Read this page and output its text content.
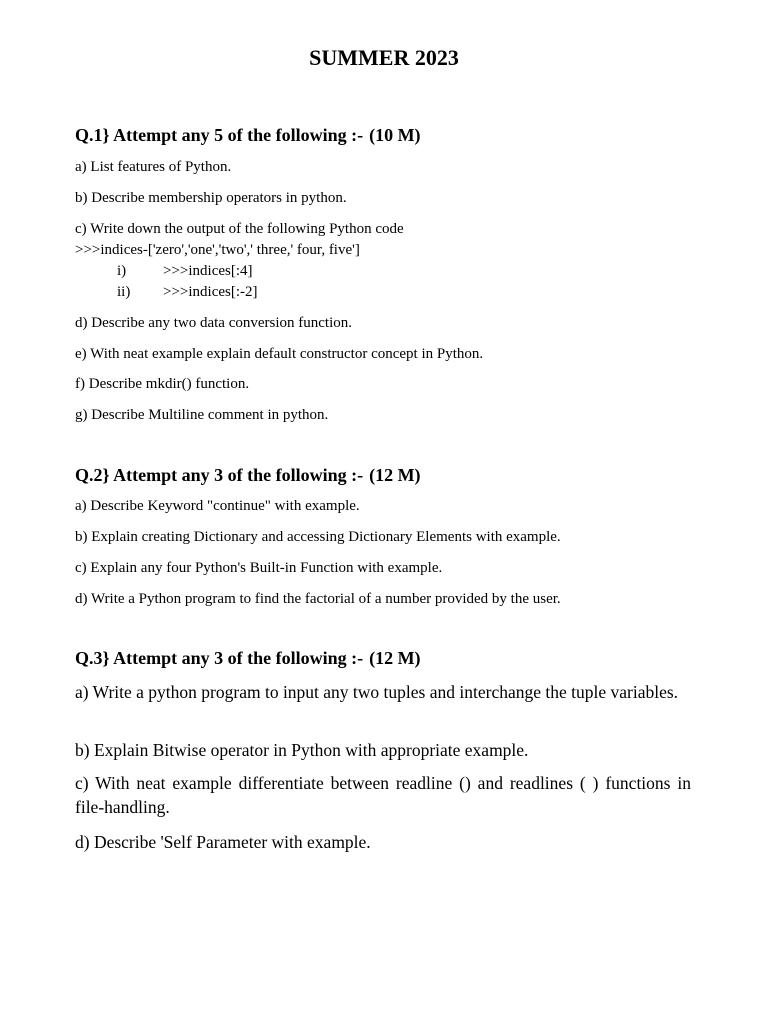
SUMMER 2023
Q.1} Attempt any 5 of the following :- (10 M)
a) List features of Python.
b) Describe membership operators in python.
c) Write down the output of the following Python code
>>>indices-['zero','one','two',' three,' four, five']
i) >>>indices[:4]
ii) >>>indices[:-2]
d) Describe any two data conversion function.
e) With neat example explain default constructor concept in Python.
f) Describe mkdir() function.
g) Describe Multiline comment in python.
Q.2} Attempt any 3 of the following :- (12 M)
a) Describe Keyword "continue" with example.
b) Explain creating Dictionary and accessing Dictionary Elements with example.
c) Explain any four Python's Built-in Function with example.
d) Write a Python program to find the factorial of a number provided by the user.
Q.3} Attempt any 3 of the following :- (12 M)
a) Write a python program to input any two tuples and interchange the tuple variables.
b) Explain Bitwise operator in Python with appropriate example.
c) With neat example differentiate between readline () and readlines ( ) functions in file-handling.
d) Describe 'Self Parameter with example.
